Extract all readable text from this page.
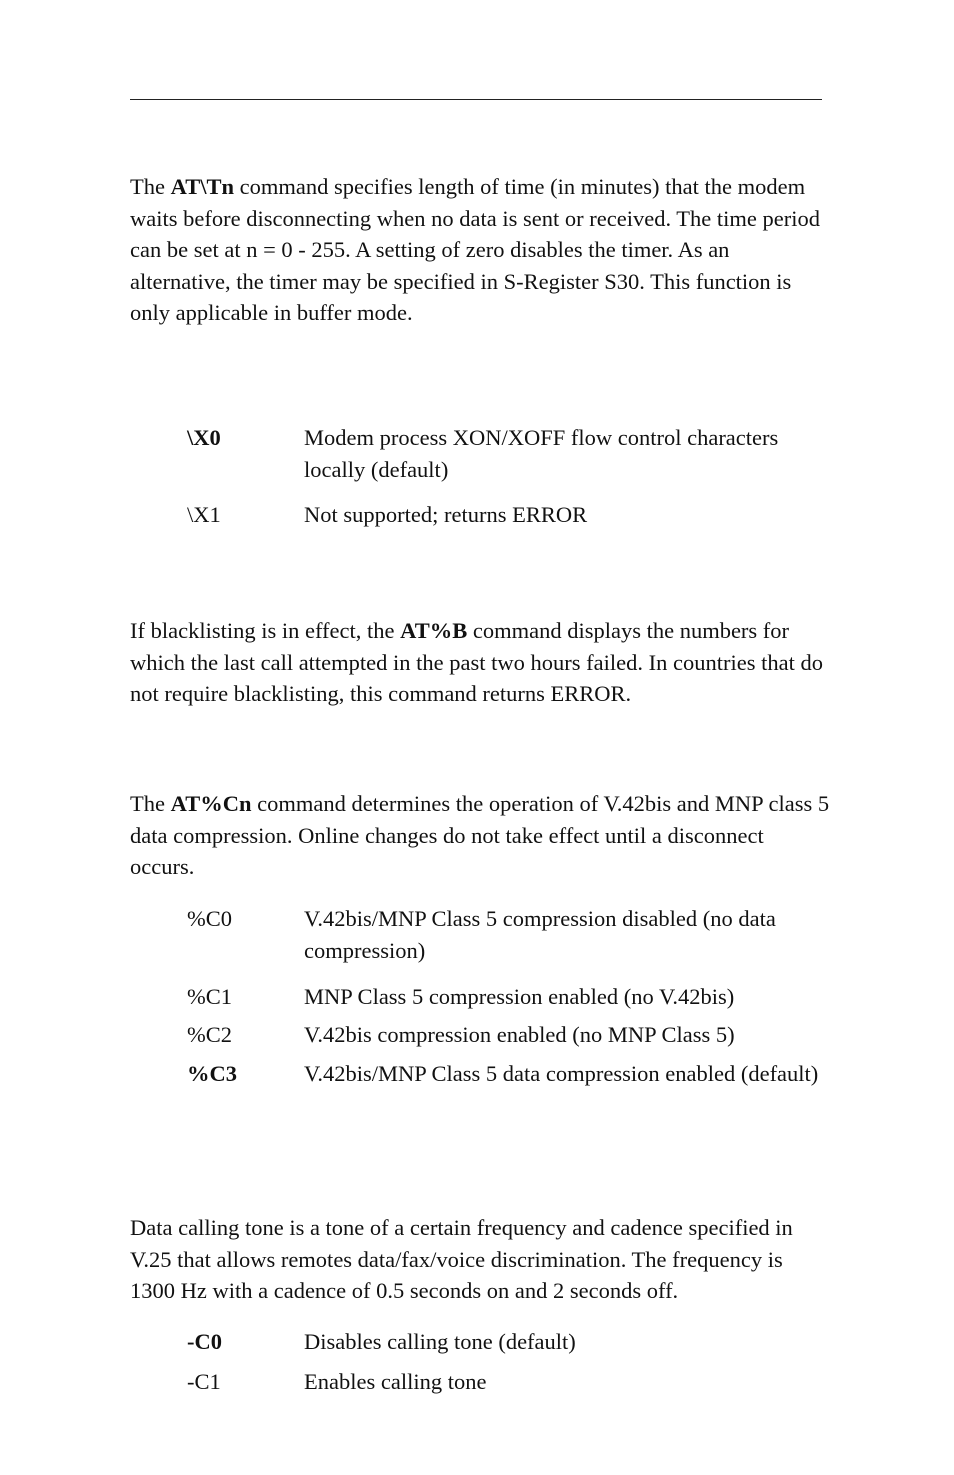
The AT\Tn command specifies length of time (in minutes) that the modem waits before disconnecting when no data is sent or received. The time period can be set at n = 0 - 255. A setting of zero disables the timer. As an alternative, the timer may be specified in S-Register S30. This function is only applicable in buffer mode.

\X0	Modem process XON/XOFF flow control characters locally (default)
\X1	Not supported; returns ERROR

If blacklisting is in effect, the AT%B command displays the numbers for which the last call attempted in the past two hours failed. In countries that do not require blacklisting, this command returns ERROR.

The AT%Cn command determines the operation of V.42bis and MNP class 5 data compression. Online changes do not take effect until a disconnect occurs.

%C0	V.42bis/MNP Class 5 compression disabled (no data compression)
%C1	MNP Class 5 compression enabled (no V.42bis)
%C2	V.42bis compression enabled (no MNP Class 5)
%C3	V.42bis/MNP Class 5 data compression enabled (default)

Data calling tone is a tone of a certain frequency and cadence specified in V.25 that allows remotes data/fax/voice discrimination. The frequency is 1300 Hz with a cadence of 0.5 seconds on and 2 seconds off.

-C0	Disables calling tone (default)
-C1	Enables calling tone
